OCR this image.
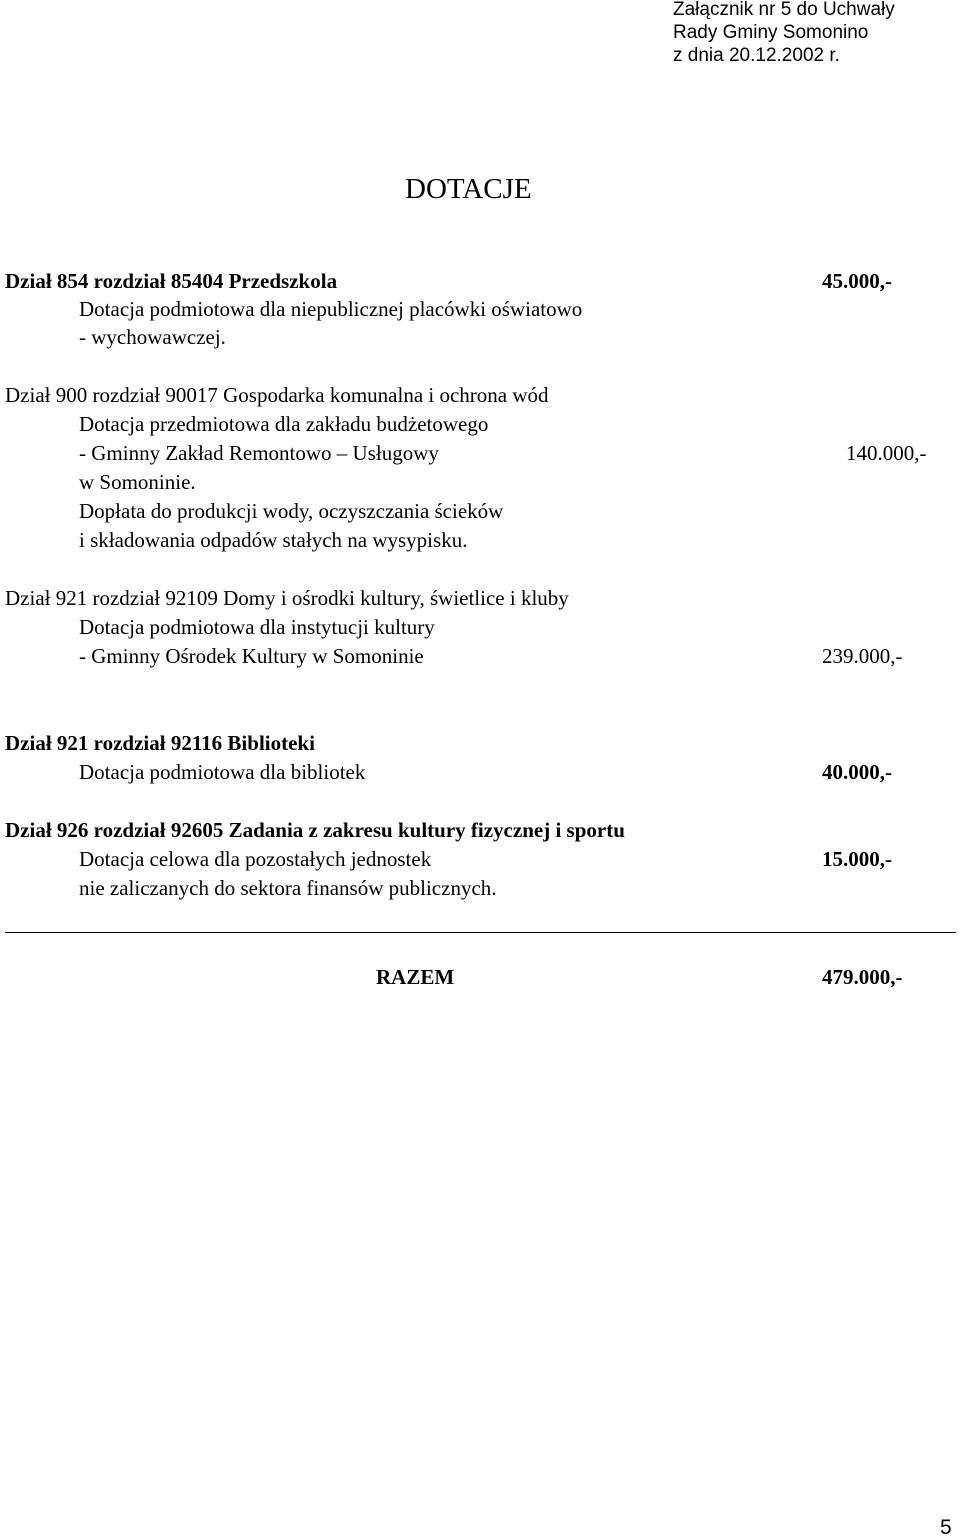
Załącznik nr 5 do Uchwały
Rady Gminy Somonino
z dnia 20.12.2002 r.
DOTACJE
Dział 854 rozdział 85404 Przedszkola	45.000,-
Dotacja podmiotowa dla niepublicznej placówki oświatowo
- wychowawczej.
Dział 900 rozdział 90017 Gospodarka komunalna i ochrona wód
Dotacja przedmiotowa dla zakładu budżetowego
- Gminny Zakład Remontowo – Usługowy	140.000,-
w Somoninie.
Dopłata do produkcji wody, oczyszczania ścieków
i składowania odpadów stałych na wysypisku.
Dział 921 rozdział 92109 Domy i ośrodki kultury, świetlice i kluby
Dotacja podmiotowa dla instytucji kultury
- Gminny Ośrodek Kultury w Somoninie	239.000,-
Dział 921 rozdział 92116 Biblioteki
Dotacja podmiotowa dla bibliotek	40.000,-
Dział 926 rozdział 92605 Zadania z zakresu kultury fizycznej i sportu
Dotacja celowa dla pozostałych jednostek	15.000,-
nie zaliczanych do sektora finansów publicznych.
RAZEM	479.000,-
5
